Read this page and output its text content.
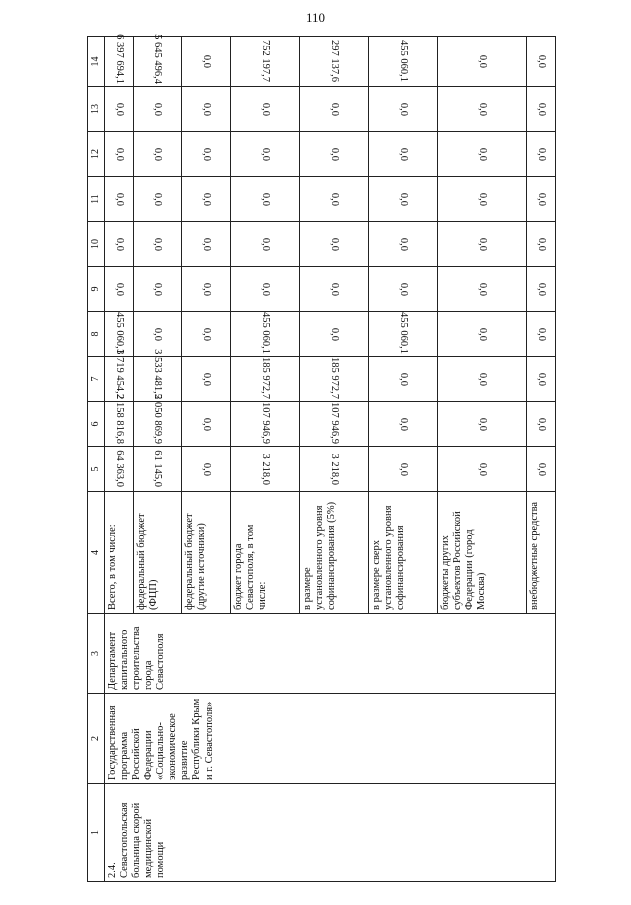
110
1	2	3	4	5	6	7	8	9	10	11	12	13	14
2.4. Севастопольская больница скорой медицинской помощи	Государственная программа Российской Федерации «Социально-экономическое развитие Республики Крым и г. Севастополя»	Департамент капитального строительства города Севастополя	Всего, в том числе:	64 363,0	2 158 816,8	3 719 454,2	455 060,1	0,0	0,0	0,0	0,0	0,0	6 397 694,1
			федеральный бюджет (ФЦП)	61 145,0	2 050 869,9	3 533 481,5	0,0	0,0	0,0	0,0	0,0	0,0	5 645 496,4
			федеральный бюджет (другие источники)	0,0	0,0	0,0	0,0	0,0	0,0	0,0	0,0	0,0	0,0
			бюджет города Севастополя, в том числе:	3 218,0	107 946,9	185 972,7	455 060,1	0,0	0,0	0,0	0,0	0,0	752 197,7
			в размере установленного уровня софинансирования (5%)	3 218,0	107 946,9	185 972,7	0,0	0,0	0,0	0,0	0,0	0,0	297 137,6
			в размере сверх установленного уровня софинансирования	0,0	0,0	0,0	455 060,1	0,0	0,0	0,0	0,0	0,0	455 060,1
			бюджеты других субъектов Российской Федерации (город Москва)	0,0	0,0	0,0	0,0	0,0	0,0	0,0	0,0	0,0	0,0
			внебюджетные средства	0,0	0,0	0,0	0,0	0,0	0,0	0,0	0,0	0,0	0,0
